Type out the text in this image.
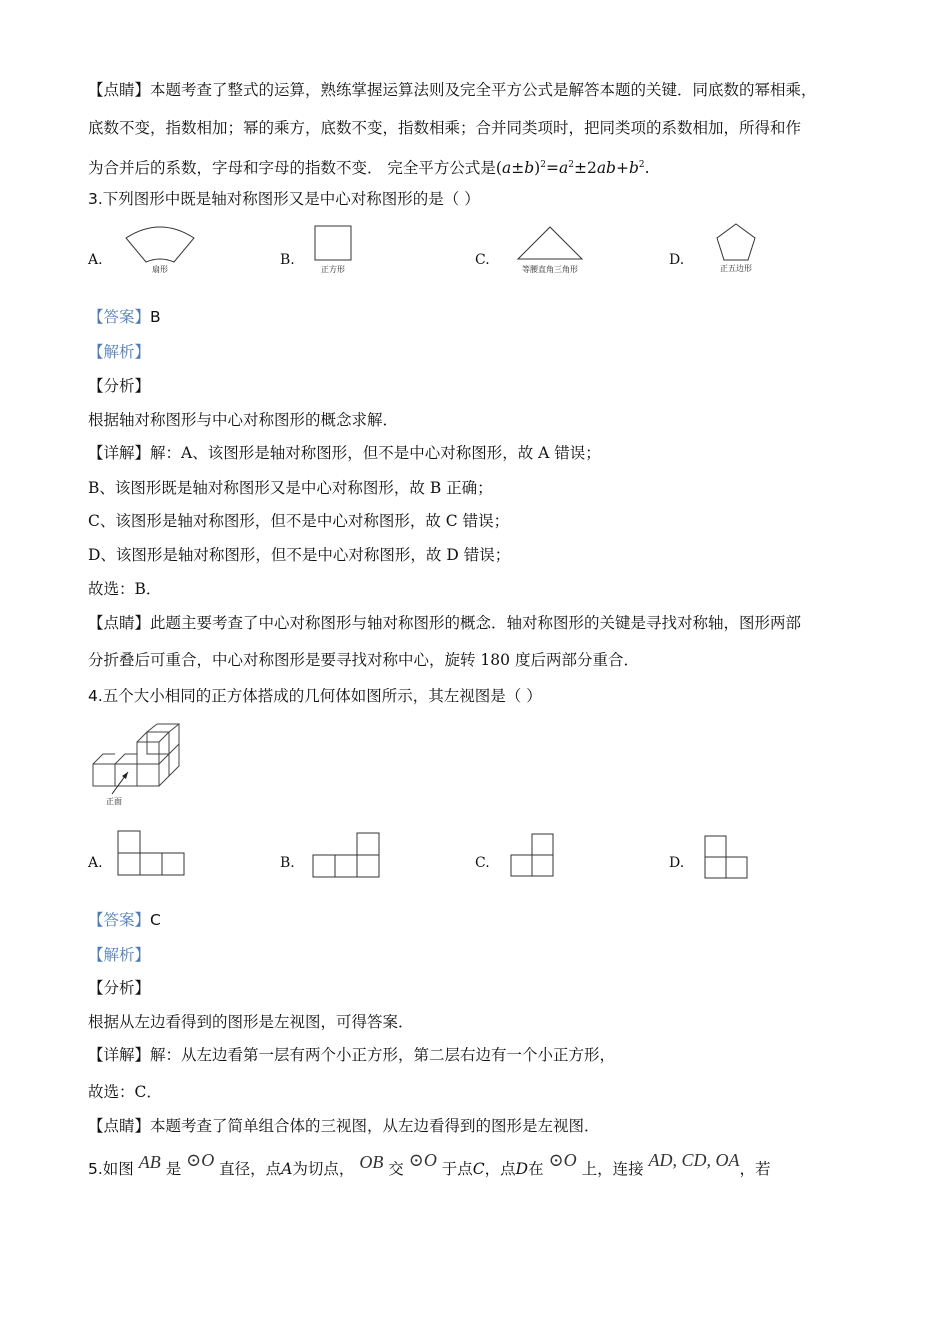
【点睛】本题考查了整式的运算，熟练掌握运算法则及完全平方公式是解答本题的关键．同底数的幂相乘，
底数不变，指数相加；幂的乘方，底数不变，指数相乘；合并同类项时，把同类项的系数相加，所得和作
为合并后的系数，字母和字母的指数不变． 完全平方公式是$(a\pm b)^2=a^2\pm 2ab+b^2$.
3.下列图形中既是轴对称图形又是中心对称图形的是（ ）
A.
扇形
B.
正方形
C.
等腰直角三角形
D.
正五边形
【答案】B
【解析】
【分析】
根据轴对称图形与中心对称图形的概念求解．
【详解】解：A、该图形是轴对称图形，但不是中心对称图形，故 A 错误；
B、该图形既是轴对称图形又是中心对称图形，故 B 正确；
C、该图形是轴对称图形，但不是中心对称图形，故 C 错误；
D、该图形是轴对称图形，但不是中心对称图形，故 D 错误；
故选：B．
【点睛】此题主要考查了中心对称图形与轴对称图形的概念．轴对称图形的关键是寻找对称轴，图形两部
分折叠后可重合，中心对称图形是要寻找对称中心，旋转 180 度后两部分重合．
4.五个大小相同的正方体搭成的几何体如图所示，其左视图是（ ）
正面
A.	B.	C.	D.
【答案】C
【解析】
【分析】
根据从左边看得到的图形是左视图，可得答案．
【详解】解：从左边看第一层有两个小正方形，第二层右边有一个小正方形，
故选：C．
【点睛】本题考查了简单组合体的三视图，从左边看得到的图形是左视图．
5.如图 AB 是 ⊙O 直径，点A为切点， OB 交 ⊙O 于点C，点D在 ⊙O 上，连接 AD, CD, OA，若
